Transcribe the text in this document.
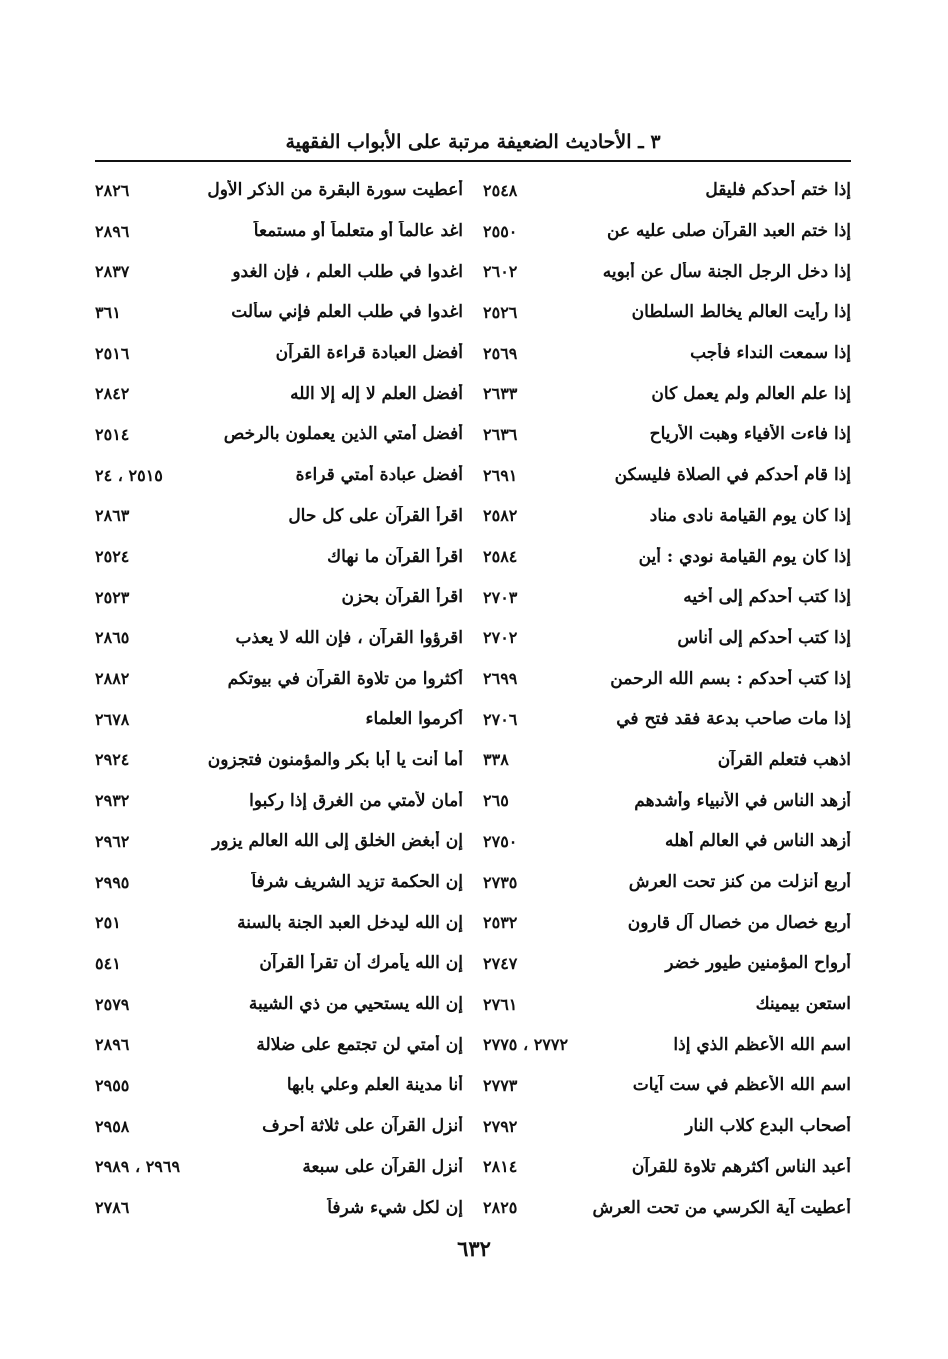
٣ ـ الأحاديث الضعيفة مرتبة على الأبواب الفقهية
إذا ختم أحدكم فليقل
٢٥٤٨
إذا ختم العبد القرآن صلى عليه عن
٢٥٥٠
إذا دخل الرجل الجنة سأل عن أبويه
٢٦٠٢
إذا رأيت العالم يخالط السلطان
٢٥٢٦
إذا سمعت النداء فأجب
٢٥٦٩
إذا علم العالم ولم يعمل كان
٢٦٣٣
إذا فاءت الأفياء وهبت الأرياح
٢٦٣٦
إذا قام أحدكم في الصلاة فليسكن
٢٦٩١
إذا كان يوم القيامة نادى مناد
٢٥٨٢
إذا كان يوم القيامة نودي : أين
٢٥٨٤
إذا كتب أحدكم إلى أخيه
٢٧٠٣
إذا كتب أحدكم إلى أناس
٢٧٠٢
إذا كتب أحدكم : بسم الله الرحمن
٢٦٩٩
إذا مات صاحب بدعة فقد فتح في
٢٧٠٦
اذهب فتعلم القرآن
٣٣٨
أزهد الناس في الأنبياء وأشدهم
٢٦٥
أزهد الناس في العالم أهله
٢٧٥٠
أربع أنزلت من كنز تحت العرش
٢٧٣٥
أربع خصال من خصال آل قارون
٢٥٣٢
أرواح المؤمنين طيور خضر
٢٧٤٧
استعن بيمينك
٢٧٦١
اسم الله الأعظم الذي إذا
٢٧٧٢ ، ٢٧٧٥
اسم الله الأعظم في ست آيات
٢٧٧٣
أصحاب البدع كلاب النار
٢٧٩٢
أعبد الناس أكثرهم تلاوة للقرآن
٢٨١٤
أعطيت آية الكرسي من تحت العرش
٢٨٢٥
أعطيت سورة البقرة من الذكر الأول
٢٨٢٦
اغد عالماً أو متعلماً أو مستمعاً
٢٨٩٦
اغدوا في طلب العلم ، فإن الغدو
٢٨٣٧
اغدوا في طلب العلم فإني سألت
٣٦١
أفضل العبادة قراءة القرآن
٢٥١٦
أفضل العلم لا إله إلا الله
٢٨٤٢
أفضل أمتي الذين يعملون بالرخص
٢٥١٤
أفضل عبادة أمتي قراءة
٢٥١٥ ، ٢٤
اقرأ القرآن على كل حال
٢٨٦٣
اقرأ القرآن ما نهاك
٢٥٢٤
اقرأ القرآن بحزن
٢٥٢٣
اقرؤوا القرآن ، فإن الله لا يعذب
٢٨٦٥
أكثروا من تلاوة القرآن في بيوتكم
٢٨٨٢
أكرموا العلماء
٢٦٧٨
أما أنت يا أبا بكر والمؤمنون فتجزون
٢٩٢٤
أمان لأمتي من الغرق إذا ركبوا
٢٩٣٢
إن أبغض الخلق إلى الله العالم يزور
٢٩٦٢
إن الحكمة تزيد الشريف شرفاً
٢٩٩٥
إن الله ليدخل العبد الجنة بالسنة
٢٥١
إن الله يأمرك أن تقرأ القرآن
٥٤١
إن الله يستحيي من ذي الشيبة
٢٥٧٩
إن أمتي لن تجتمع على ضلالة
٢٨٩٦
أنا مدينة العلم وعلي بابها
٢٩٥٥
أنزل القرآن على ثلاثة أحرف
٢٩٥٨
أنزل القرآن على سبعة
٢٩٦٩ ، ٢٩٨٩
إن لكل شيء شرفاً
٢٧٨٦
٦٣٢
